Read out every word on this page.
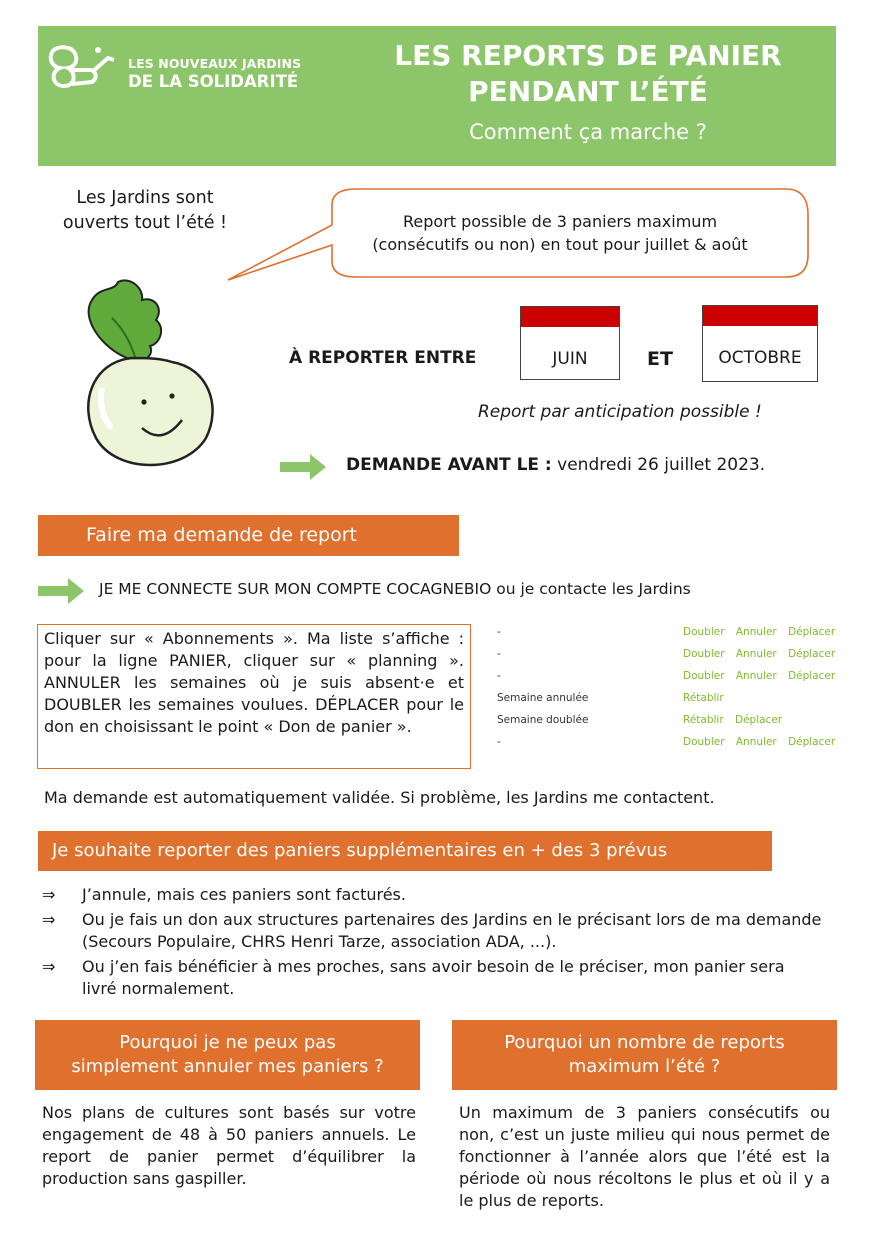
LES NOUVEAUX JARDINS
DE LA SOLIDARITÉ
LES REPORTS DE PANIER
PENDANT L’ÉTÉ
Comment ça marche ?
Les Jardins sont
ouverts tout l’été !	Report possible de 3 paniers maximum
(consécutifs ou non) en tout pour juillet & août
À REPORTER ENTRE	JUIN	ET	OCTOBRE
Report par anticipation possible !
DEMANDE AVANT LE : vendredi 26 juillet 2023.
Faire ma demande de report
JE ME CONNECTE SUR MON COMPTE COCAGNEBIO ou je contacte les Jardins
Cliquer sur « Abonnements ». Ma liste s’affiche : pour la ligne PANIER, cliquer sur « planning ». ANNULER les semaines où je suis absent·e et DOUBLER les semaines voulues. DÉPLACER pour le don en choisissant le point « Don de panier ».
-	Doubler Annuler Déplacer
-	Doubler Annuler Déplacer
-	Doubler Annuler Déplacer
Semaine annulée	Rétablir
Semaine doublée	Rétablir Déplacer
-	Doubler Annuler Déplacer
Ma demande est automatiquement validée. Si problème, les Jardins me contactent.
Je souhaite reporter des paniers supplémentaires en + des 3 prévus
⇒ J’annule, mais ces paniers sont facturés.
⇒ Ou je fais un don aux structures partenaires des Jardins en le précisant lors de ma demande (Secours Populaire, CHRS Henri Tarze, association ADA, ...).
⇒ Ou j’en fais bénéficier à mes proches, sans avoir besoin de le préciser, mon panier sera livré normalement.
Pourquoi je ne peux pas
simplement annuler mes paniers ?
Pourquoi un nombre de reports
maximum l’été ?
Nos plans de cultures sont basés sur votre engagement de 48 à 50 paniers annuels. Le report de panier permet d’équilibrer la production sans gaspiller.
Un maximum de 3 paniers consécutifs ou non, c’est un juste milieu qui nous permet de fonctionner à l’année alors que l’été est la période où nous récoltons le plus et où il y a le plus de reports.
